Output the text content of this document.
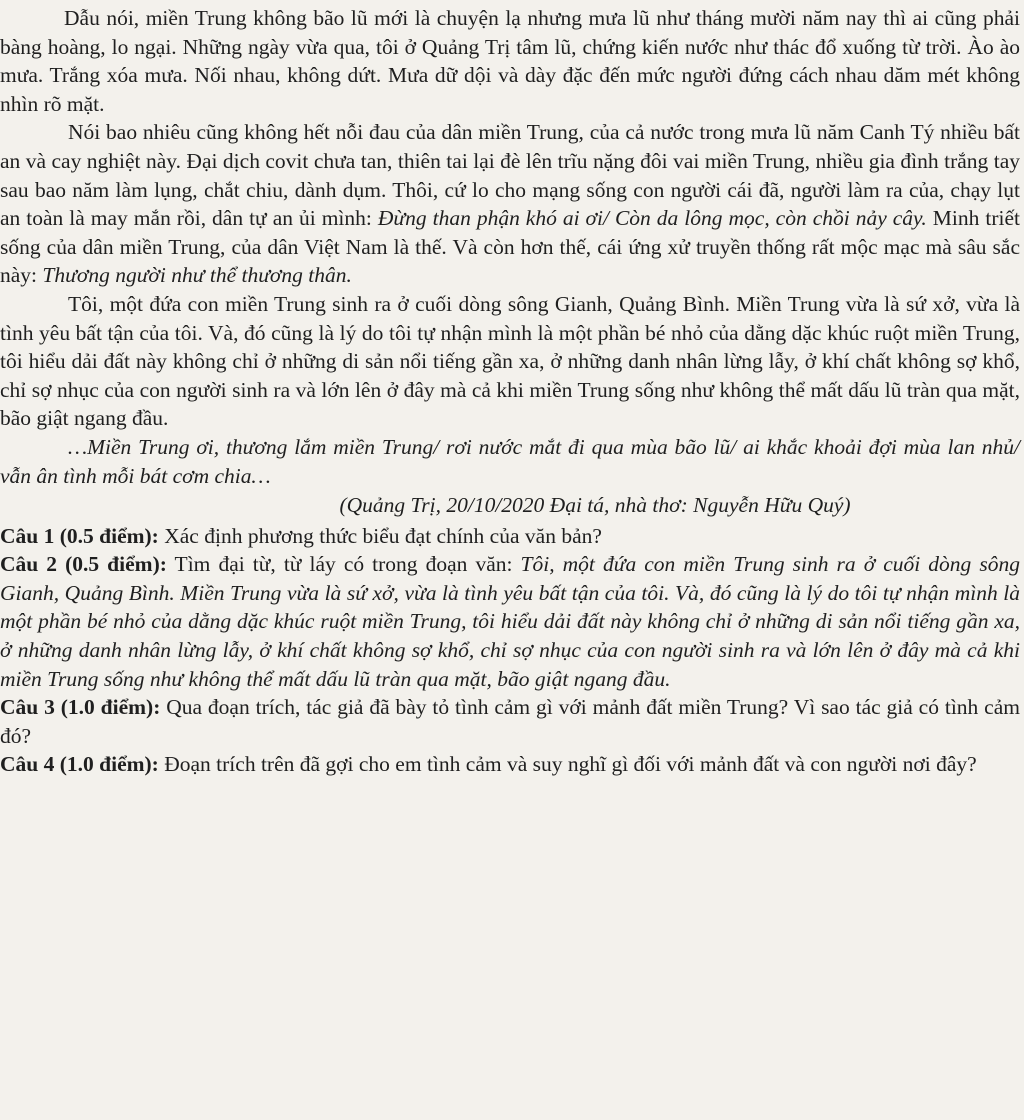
Dẫu nói, miền Trung không bão lũ mới là chuyện lạ nhưng mưa lũ như tháng mười năm nay thì ai cũng phải bàng hoàng, lo ngại. Những ngày vừa qua, tôi ở Quảng Trị tâm lũ, chứng kiến nước như thác đổ xuống từ trời. Ào ào mưa. Trắng xóa mưa. Nối nhau, không dứt. Mưa dữ dội và dày đặc đến mức người đứng cách nhau dăm mét không nhìn rõ mặt.

Nói bao nhiêu cũng không hết nỗi đau của dân miền Trung, của cả nước trong mưa lũ năm Canh Tý nhiều bất an và cay nghiệt này. Đại dịch covit chưa tan, thiên tai lại đè lên trĩu nặng đôi vai miền Trung, nhiều gia đình trắng tay sau bao năm làm lụng, chắt chiu, dành dụm. Thôi, cứ lo cho mạng sống con người cái đã, người làm ra của, chạy lụt an toàn là may mắn rồi, dân tự an ủi mình: Đừng than phận khó ai ơi/ Còn da lông mọc, còn chồi nảy cây. Minh triết sống của dân miền Trung, của dân Việt Nam là thế. Và còn hơn thế, cái ứng xử truyền thống rất mộc mạc mà sâu sắc này: Thương người như thể thương thân.

Tôi, một đứa con miền Trung sinh ra ở cuối dòng sông Gianh, Quảng Bình. Miền Trung vừa là sứ xở, vừa là tình yêu bất tận của tôi. Và, đó cũng là lý do tôi tự nhận mình là một phần bé nhỏ của dằng dặc khúc ruột miền Trung, tôi hiểu dải đất này không chỉ ở những di sản nổi tiếng gần xa, ở những danh nhân lừng lẫy, ở khí chất không sợ khổ, chỉ sợ nhục của con người sinh ra và lớn lên ở đây mà cả khi miền Trung sống như không thể mất dấu lũ tràn qua mặt, bão giật ngang đầu.

…Miền Trung ơi, thương lắm miền Trung/ rơi nước mắt đi qua mùa bão lũ/ ai khắc khoải đợi mùa lan nhủ/ vẫn ân tình mỗi bát cơm chia…

(Quảng Trị, 20/10/2020 Đại tá, nhà thơ: Nguyễn Hữu Quý)

Câu 1 (0.5 điểm): Xác định phương thức biểu đạt chính của văn bản?

Câu 2 (0.5 điểm): Tìm đại từ, từ láy có trong đoạn văn: Tôi, một đứa con miền Trung sinh ra ở cuối dòng sông Gianh, Quảng Bình. Miền Trung vừa là sứ xở, vừa là tình yêu bất tận của tôi. Và, đó cũng là lý do tôi tự nhận mình là một phần bé nhỏ của dằng dặc khúc ruột miền Trung, tôi hiểu dải đất này không chỉ ở những di sản nổi tiếng gần xa, ở những danh nhân lừng lẫy, ở khí chất không sợ khổ, chỉ sợ nhục của con người sinh ra và lớn lên ở đây mà cả khi miền Trung sống như không thể mất dấu lũ tràn qua mặt, bão giật ngang đầu.

Câu 3 (1.0 điểm): Qua đoạn trích, tác giả đã bày tỏ tình cảm gì với mảnh đất miền Trung? Vì sao tác giả có tình cảm đó?

Câu 4 (1.0 điểm): Đoạn trích trên đã gợi cho em tình cảm và suy nghĩ gì đối với mảnh đất và con người nơi đây?
